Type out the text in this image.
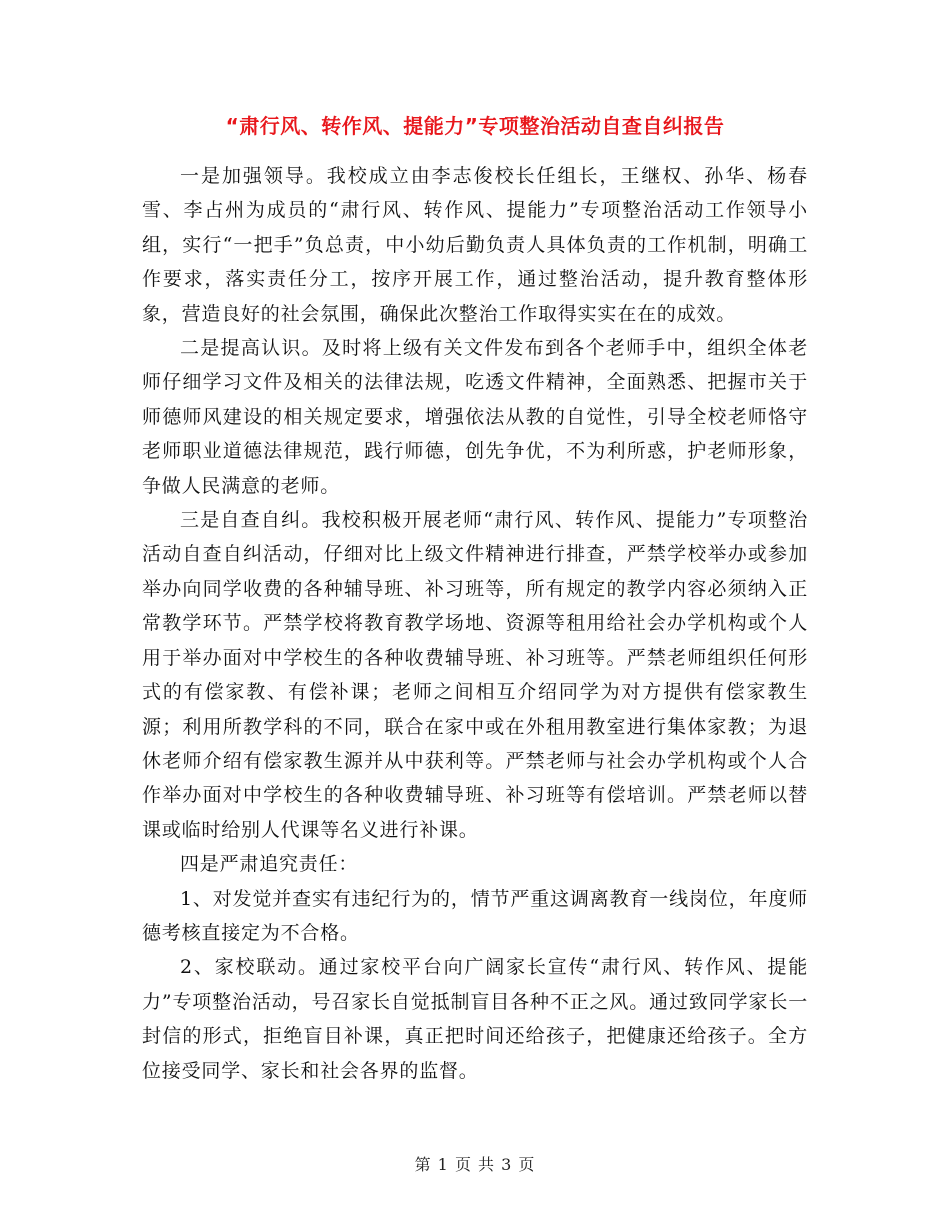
“肃行风、转作风、提能力”专项整治活动自查自纠报告

一是加强领导。我校成立由李志俊校长任组长，王继权、孙华、杨春雪、李占州为成员的“肃行风、转作风、提能力”专项整治活动工作领导小组，实行“一把手”负总责，中小幼后勤负责人具体负责的工作机制，明确工作要求，落实责任分工，按序开展工作，通过整治活动，提升教育整体形象，营造良好的社会氛围，确保此次整治工作取得实实在在的成效。

二是提高认识。及时将上级有关文件发布到各个老师手中，组织全体老师仔细学习文件及相关的法律法规，吃透文件精神，全面熟悉、把握市关于师德师风建设的相关规定要求，增强依法从教的自觉性，引导全校老师恪守老师职业道德法律规范，践行师德，创先争优，不为利所惑，护老师形象，争做人民满意的老师。

三是自查自纠。我校积极开展老师“肃行风、转作风、提能力”专项整治活动自查自纠活动，仔细对比上级文件精神进行排查，严禁学校举办或参加举办向同学收费的各种辅导班、补习班等，所有规定的教学内容必须纳入正常教学环节。严禁学校将教育教学场地、资源等租用给社会办学机构或个人用于举办面对中学校生的各种收费辅导班、补习班等。严禁老师组织任何形式的有偿家教、有偿补课；老师之间相互介绍同学为对方提供有偿家教生源；利用所教学科的不同，联合在家中或在外租用教室进行集体家教；为退休老师介绍有偿家教生源并从中获利等。严禁老师与社会办学机构或个人合作举办面对中学校生的各种收费辅导班、补习班等有偿培训。严禁老师以替课或临时给别人代课等名义进行补课。

四是严肃追究责任：

1、对发觉并查实有违纪行为的，情节严重这调离教育一线岗位，年度师德考核直接定为不合格。

2、家校联动。通过家校平台向广阔家长宣传“肃行风、转作风、提能力”专项整治活动，号召家长自觉抵制盲目各种不正之风。通过致同学家长一封信的形式，拒绝盲目补课，真正把时间还给孩子，把健康还给孩子。全方位接受同学、家长和社会各界的监督。

第 1 页 共 3 页
